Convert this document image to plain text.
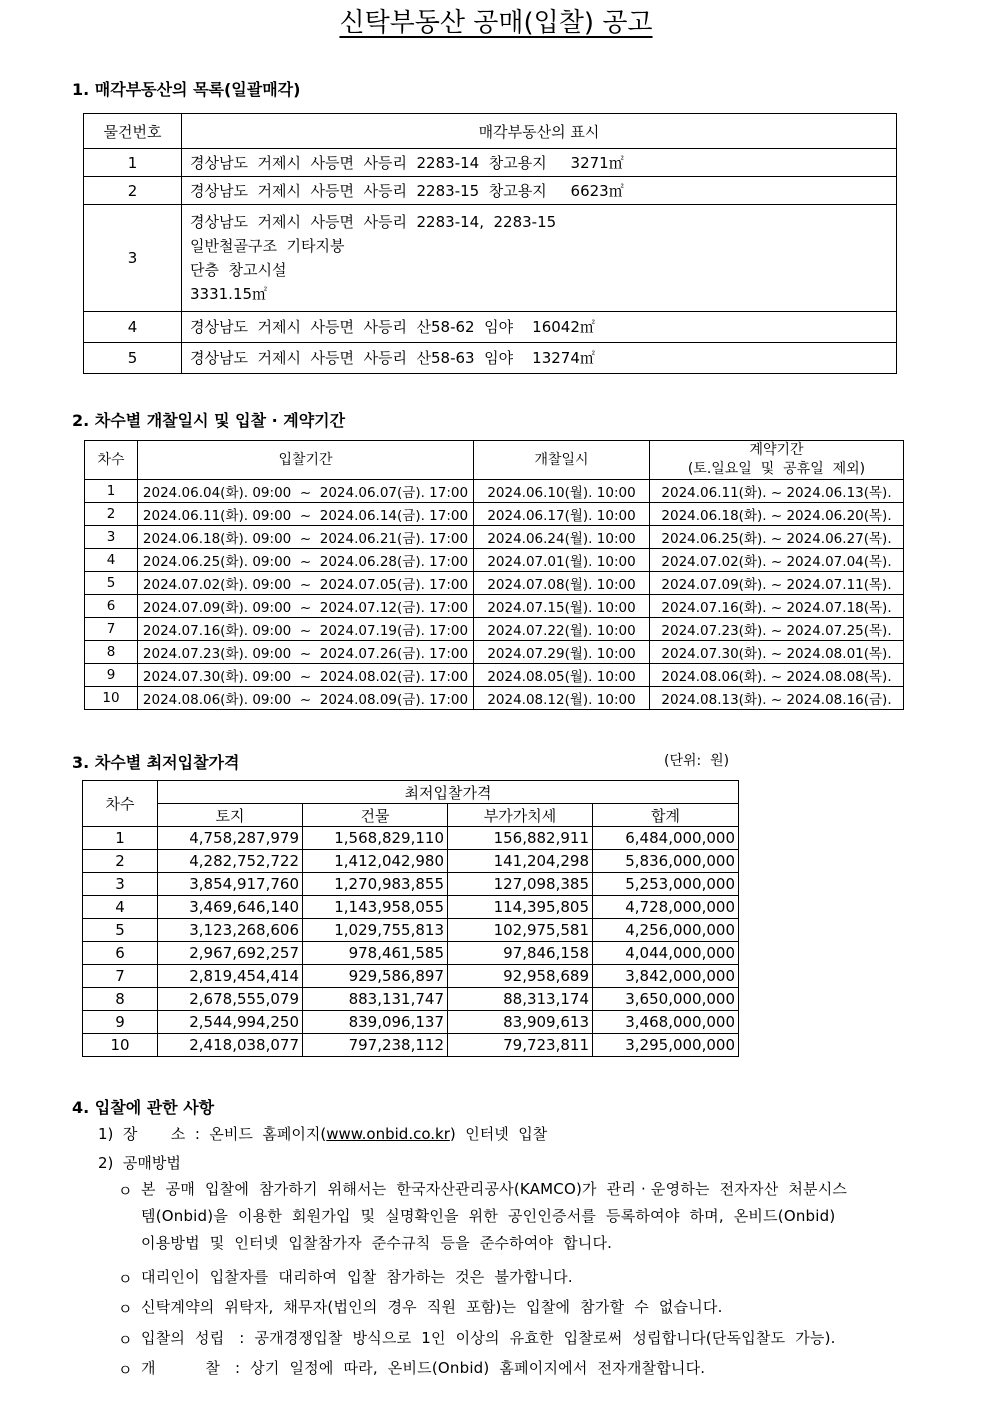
신탁부동산 공매(입찰) 공고
1. 매각부동산의 목록(일괄매각)
물건번호	매각부동산의 표시
1	경상남도  거제시  사등면  사등리  2283-14  창고용지     3271㎡

2	경상남도  거제시  사등면  사등리  2283-15  창고용지     6623㎡

3	경상남도  거제시  사등면  사등리  2283-14,  2283-15
일반철골구조  기타지붕
단층  창고시설
3331.15㎡

4	경상남도  거제시  사등면  사등리  산58-62  임야    16042㎡

5	경상남도  거제시  사등면  사등리  산58-63  임야    13274㎡
2. 차수별 개찰일시 및 입찰 · 계약기간
차수	입찰기간	개찰일시	계약기간
(토.일요일  및  공휴일  제외)

1	2024.06.04(화). 09:00  ~  2024.06.07(금). 17:00	2024.06.10(월). 10:00	2024.06.11(화). ~ 2024.06.13(목).
2	2024.06.11(화). 09:00  ~  2024.06.14(금). 17:00	2024.06.17(월). 10:00	2024.06.18(화). ~ 2024.06.20(목).
3	2024.06.18(화). 09:00  ~  2024.06.21(금). 17:00	2024.06.24(월). 10:00	2024.06.25(화). ~ 2024.06.27(목).
4	2024.06.25(화). 09:00  ~  2024.06.28(금). 17:00	2024.07.01(월). 10:00	2024.07.02(화). ~ 2024.07.04(목).
5	2024.07.02(화). 09:00  ~  2024.07.05(금). 17:00	2024.07.08(월). 10:00	2024.07.09(화). ~ 2024.07.11(목).
6	2024.07.09(화). 09:00  ~  2024.07.12(금). 17:00	2024.07.15(월). 10:00	2024.07.16(화). ~ 2024.07.18(목).
7	2024.07.16(화). 09:00  ~  2024.07.19(금). 17:00	2024.07.22(월). 10:00	2024.07.23(화). ~ 2024.07.25(목).
8	2024.07.23(화). 09:00  ~  2024.07.26(금). 17:00	2024.07.29(월). 10:00	2024.07.30(화). ~ 2024.08.01(목).
9	2024.07.30(화). 09:00  ~  2024.08.02(금). 17:00	2024.08.05(월). 10:00	2024.08.06(화). ~ 2024.08.08(목).
10	2024.08.06(화). 09:00  ~  2024.08.09(금). 17:00	2024.08.12(월). 10:00	2024.08.13(화). ~ 2024.08.16(금).
3. 차수별 최저입찰가격	(단위:  원)
차수	최저입찰가격			
	토지	건물	부가가치세	합계
1	4,758,287,979	1,568,829,110	156,882,911	6,484,000,000
2	4,282,752,722	1,412,042,980	141,204,298	5,836,000,000
3	3,854,917,760	1,270,983,855	127,098,385	5,253,000,000
4	3,469,646,140	1,143,958,055	114,395,805	4,728,000,000
5	3,123,268,606	1,029,755,813	102,975,581	4,256,000,000
6	2,967,692,257	978,461,585	97,846,158	4,044,000,000
7	2,819,454,414	929,586,897	92,958,689	3,842,000,000
8	2,678,555,079	883,131,747	88,313,174	3,650,000,000
9	2,544,994,250	839,096,137	83,909,613	3,468,000,000
10	2,418,038,077	797,238,112	79,723,811	3,295,000,000
4. 입찰에 관한 사항
1)  장       소  :  온비드  홈페이지(www.onbid.co.kr)  인터넷  입찰
2)  공매방법
ㅇ 본  공매  입찰에  참가하기  위해서는  한국자산관리공사(KAMCO)가  관리 · 운영하는  전자자산  처분시스
템(Onbid)을  이용한  회원가입  및  실명확인을  위한  공인인증서를  등록하여야  하며,  온비드(Onbid)
이용방법  및  인터넷  입찰참가자  준수규칙  등을  준수하여야  합니다.
ㅇ 대리인이  입찰자를  대리하여  입찰  참가하는  것은  불가합니다.
ㅇ 신탁계약의  위탁자,  채무자(법인의  경우  직원  포함)는  입찰에  참가할  수  없습니다.
ㅇ 입찰의  성립   :  공개경쟁입찰  방식으로  1인  이상의  유효한  입찰로써  성립합니다(단독입찰도  가능).
ㅇ 개          찰   :  상기  일정에  따라,  온비드(Onbid)  홈페이지에서  전자개찰합니다.
